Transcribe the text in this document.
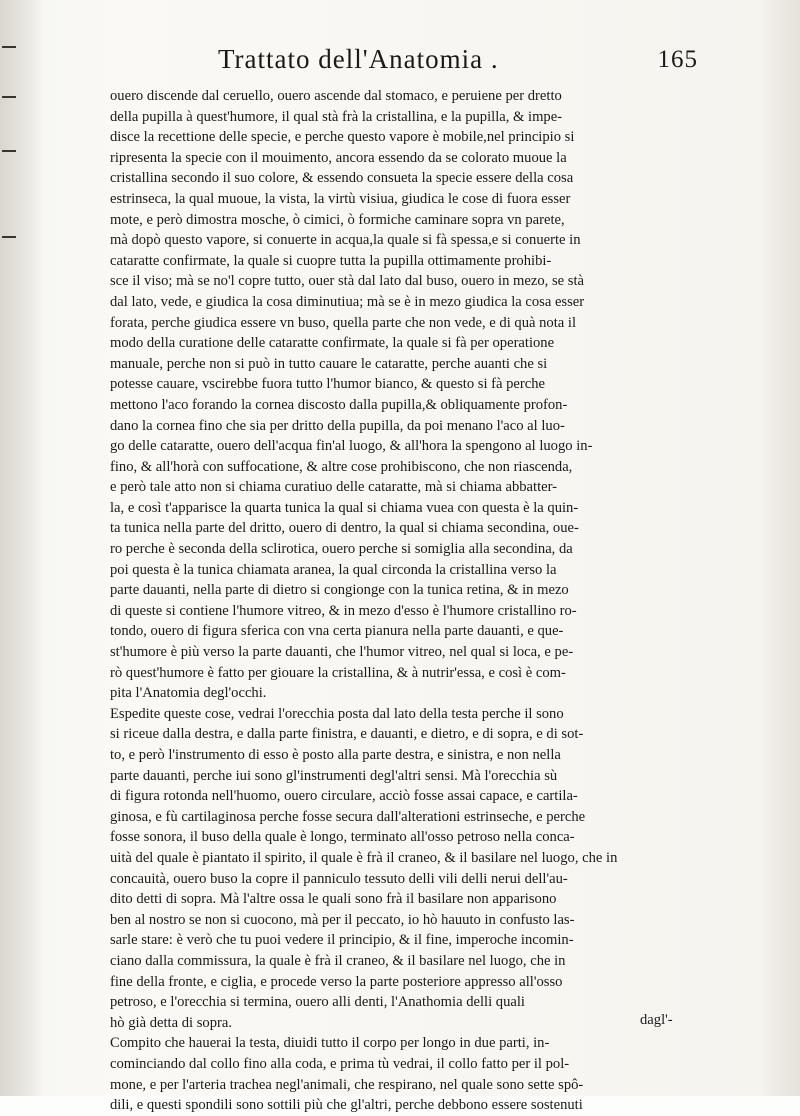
Trattato dell'Anatomia .	165
ouero discende dal ceruello, ouero ascende dal stomaco, e peruiene per dretto
della pupilla à quest'humore, il qual stà frà la cristallina, e la pupilla, & impe-
disce la recettione delle specie, e perche questo vapore è mobile,nel principio si
ripresenta la specie con il mouimento, ancora essendo da se colorato muoue la
cristallina secondo il suo colore, & essendo consueta la specie essere della cosa
estrinseca, la qual muoue, la vista, la virtù visiua, giudica le cose di fuora esser
mote, e però dimostra mosche, ò cimici, ò formiche caminare sopra vn parete,
mà dopò questo vapore, si conuerte in acqua,la quale si fà spessa,e si conuerte in
cataratte confirmate, la quale si cuopre tutta la pupilla ottimamente prohibi-
sce il viso; mà se no'l copre tutto, ouer stà dal lato dal buso, ouero in mezo, se stà
dal lato, vede, e giudica la cosa diminutiua; mà se è in mezo giudica la cosa esser
forata, perche giudica essere vn buso, quella parte che non vede, e di quà nota il
modo della curatione delle cataratte confirmate, la quale si fà per operatione
manuale, perche non si può in tutto cauare le cataratte, perche auanti che si
potesse cauare, vscirebbe fuora tutto l'humor bianco, & questo si fà perche
mettono l'aco forando la cornea discosto dalla pupilla,& obliquamente profon-
dano la cornea fino che sia per dritto della pupilla, da poi menano l'aco al luo-
go delle cataratte, ouero dell'acqua fin'al luogo, & all'hora la spengono al luogo in-
fino, & all'horà con suffocatione, & altre cose prohibiscono, che non riascenda,
e però tale atto non si chiama curatiuo delle cataratte, mà si chiama abbatter-
la, e così t'apparisce la quarta tunica la qual si chiama vuea con questa è la quin-
ta tunica nella parte del dritto, ouero di dentro, la qual si chiama secondina, oue-
ro perche è seconda della sclirotica, ouero perche si somiglia alla secondina, da
poi questa è la tunica chiamata aranea, la qual circonda la cristallina verso la
parte dauanti, nella parte di dietro si congionge con la tunica retina, & in mezo
di queste si contiene l'humore vitreo, & in mezo d'esso è l'humore cristallino ro-
tondo, ouero di figura sferica con vna certa pianura nella parte dauanti, e que-
st'humore è più verso la parte dauanti, che l'humor vitreo, nel qual si loca, e pe-
rò quest'humore è fatto per giouare la cristallina, & à nutrir'essa, e così è com-
pita l'Anatomia degl'occhi.
Espedite queste cose, vedrai l'orecchia posta dal lato della testa perche il sono
si riceue dalla destra, e dalla parte finistra, e dauanti, e dietro, e di sopra, e di sot-
to, e però l'instrumento di esso è posto alla parte destra, e sinistra, e non nella
parte dauanti, perche iui sono gl'instrumenti degl'altri sensi. Mà l'orecchia sù
di figura rotonda nell'huomo, ouero circulare, acciò fosse assai capace, e cartila-
ginosa, e fù cartilaginosa perche fosse secura dall'alterationi estrinseche, e perche
fosse sonora, il buso della quale è longo, terminato all'osso petroso nella conca-
uità del quale è piantato il spirito, il quale è frà il craneo, & il basilare nel luogo, che in
concauità, ouero buso la copre il panniculo tessuto delli vili delli nerui dell'au-
dito detti di sopra. Mà l'altre ossa le quali sono frà il basilare non apparisono
ben al nostro se non si cuocono, mà per il peccato, io hò hauuto in confusto las-
sarle stare: è verò che tu puoi vedere il principio, & il fine, imperoche incomin-
ciano dalla commissura, la quale è frà il craneo, & il basilare nel luogo, che in
fine della fronte, e ciglia, e procede verso la parte posteriore appresso all'osso
petroso, e l'orecchia si termina, ouero alli denti, l'Anathomia delli quali
hò già detta di sopra.
Compito che hauerai la testa, diuidi tutto il corpo per longo in due parti, in-
cominciando dal collo fino alla coda, e prima tù vedrai, il collo fatto per il pol-
mone, e per l'arteria trachea negl'animali, che respirano, nel quale sono sette spô-
dili, e questi spondili sono sottili più che gl'altri, perche debbono essere sostenuti
dagl'-
